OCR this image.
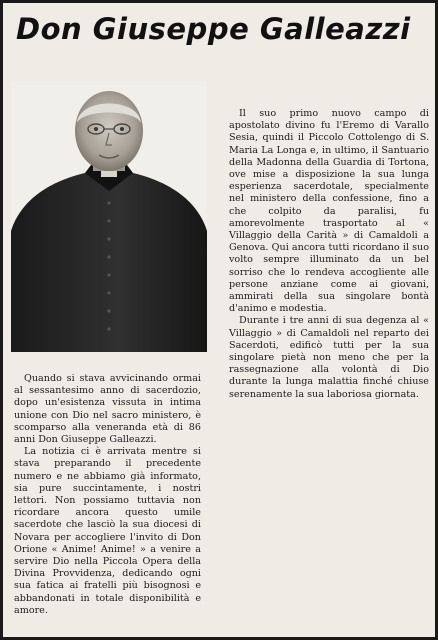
Don Giuseppe Galleazzi

Quando si stava avvicinando ormai al sessantesimo anno di sacerdozio, dopo un'esistenza vissuta in intima unione con Dio nel sacro ministero, è scomparso alla veneranda età di 86 anni Don Giuseppe Galleazzi.

La notizia ci è arrivata mentre si stava preparando il precedente numero e ne abbiamo già informato, sia pure succintamente, i nostri lettori. Non possiamo tuttavia non ricordare ancora questo umile sacerdote che lasciò la sua diocesi di Novara per accogliere l'invito di Don Orione « Anime! Anime! » a venire a servire Dio nella Piccola Opera della Divina Provvidenza, dedicando ogni sua fatica ai fratelli più bisognosi e abbandonati in totale disponibilità e amore.

Il suo primo nuovo campo di apostolato divino fu l'Eremo di Varallo Sesia, quindi il Piccolo Cottolengo di S. Maria La Longa e, in ultimo, il Santuario della Madonna della Guardia di Tortona, ove mise a disposizione la sua lunga esperienza sacerdotale, specialmente nel ministero della confessione, fino a che colpito da paralisi, fu amorevolmente trasportato al « Villaggio della Carità » di Camaldoli a Genova. Qui ancora tutti ricordano il suo volto sempre illuminato da un bel sorriso che lo rendeva accogliente alle persone anziane come ai giovani, ammirati della sua singolare bontà d'animo e modestia.

Durante i tre anni di sua degenza al « Villaggio » di Camaldoli nel reparto dei Sacerdoti, edificò tutti per la sua singolare pietà non meno che per la rassegnazione alla volontà di Dio durante la lunga malattia finché chiuse serenamente la sua laboriosa giornata.
